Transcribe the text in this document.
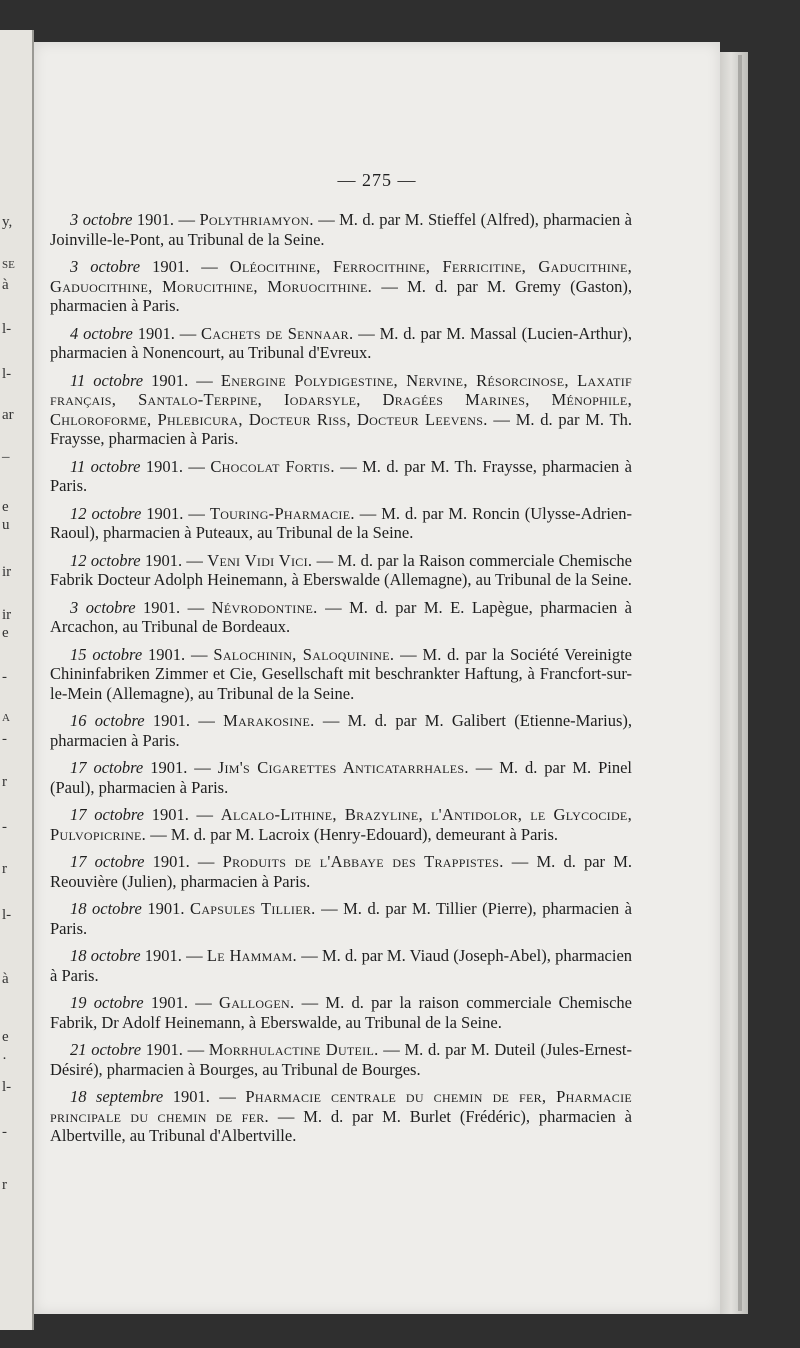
y,
SE
à
l-
l-
ar
–
e
u
ir
ir
e
-
A
-
r
-
r
l-
à
e
·
l-
-
r
— 275 —

3 octobre 1901. — Polythriamyon. — M. d. par M. Stieffel (Alfred), pharmacien à Joinville-le-Pont, au Tribunal de la Seine.

3 octobre 1901. — Oléocithine, Ferrocithine, Ferricitine, Gaducithine, Gaduocithine, Morucithine, Moruocithine. — M. d. par M. Gremy (Gaston), pharmacien à Paris.

4 octobre 1901. — Cachets de Sennaar. — M. d. par M. Massal (Lucien-Arthur), pharmacien à Nonencourt, au Tribunal d'Evreux.

11 octobre 1901. — Energine Polydigestine, Nervine, Résorcinose, Laxatif français, Santalo-Terpine, Iodarsyle, Dragées Marines, Ménophile, Chloroforme, Phlebicura, Docteur Riss, Docteur Leevens. — M. d. par M. Th. Fraysse, pharmacien à Paris.

11 octobre 1901. — Chocolat Fortis. — M. d. par M. Th. Fraysse, pharmacien à Paris.

12 octobre 1901. — Touring-Pharmacie. — M. d. par M. Roncin (Ulysse-Adrien-Raoul), pharmacien à Puteaux, au Tribunal de la Seine.

12 octobre 1901. — Veni Vidi Vici. — M. d. par la Raison commerciale Chemische Fabrik Docteur Adolph Heinemann, à Eberswalde (Allemagne), au Tribunal de la Seine.

3 octobre 1901. — Névrodontine. — M. d. par M. E. Lapègue, pharmacien à Arcachon, au Tribunal de Bordeaux.

15 octobre 1901. — Salochinin, Saloquinine. — M. d. par la Société Vereinigte Chininfabriken Zimmer et Cie, Gesellschaft mit beschrankter Haftung, à Francfort-sur-le-Mein (Allemagne), au Tribunal de la Seine.

16 octobre 1901. — Marakosine. — M. d. par M. Galibert (Etienne-Marius), pharmacien à Paris.

17 octobre 1901. — Jim's Cigarettes Anticatarrhales. — M. d. par M. Pinel (Paul), pharmacien à Paris.

17 octobre 1901. — Alcalo-Lithine, Brazyline, l'Antidolor, le Glycocide, Pulvopicrine. — M. d. par M. Lacroix (Henry-Edouard), demeurant à Paris.

17 octobre 1901. — Produits de l'Abbaye des Trappistes. — M. d. par M. Reouvière (Julien), pharmacien à Paris.

18 octobre 1901. Capsules Tillier. — M. d. par M. Tillier (Pierre), pharmacien à Paris.

18 octobre 1901. — Le Hammam. — M. d. par M. Viaud (Joseph-Abel), pharmacien à Paris.

19 octobre 1901. — Gallogen. — M. d. par la raison commerciale Chemische Fabrik, Dr Adolf Heinemann, à Eberswalde, au Tribunal de la Seine.

21 octobre 1901. — Morrhulactine Duteil. — M. d. par M. Duteil (Jules-Ernest-Désiré), pharmacien à Bourges, au Tribunal de Bourges.

18 septembre 1901. — Pharmacie centrale du chemin de fer, Pharmacie principale du chemin de fer. — M. d. par M. Burlet (Frédéric), pharmacien à Albertville, au Tribunal d'Albertville.
